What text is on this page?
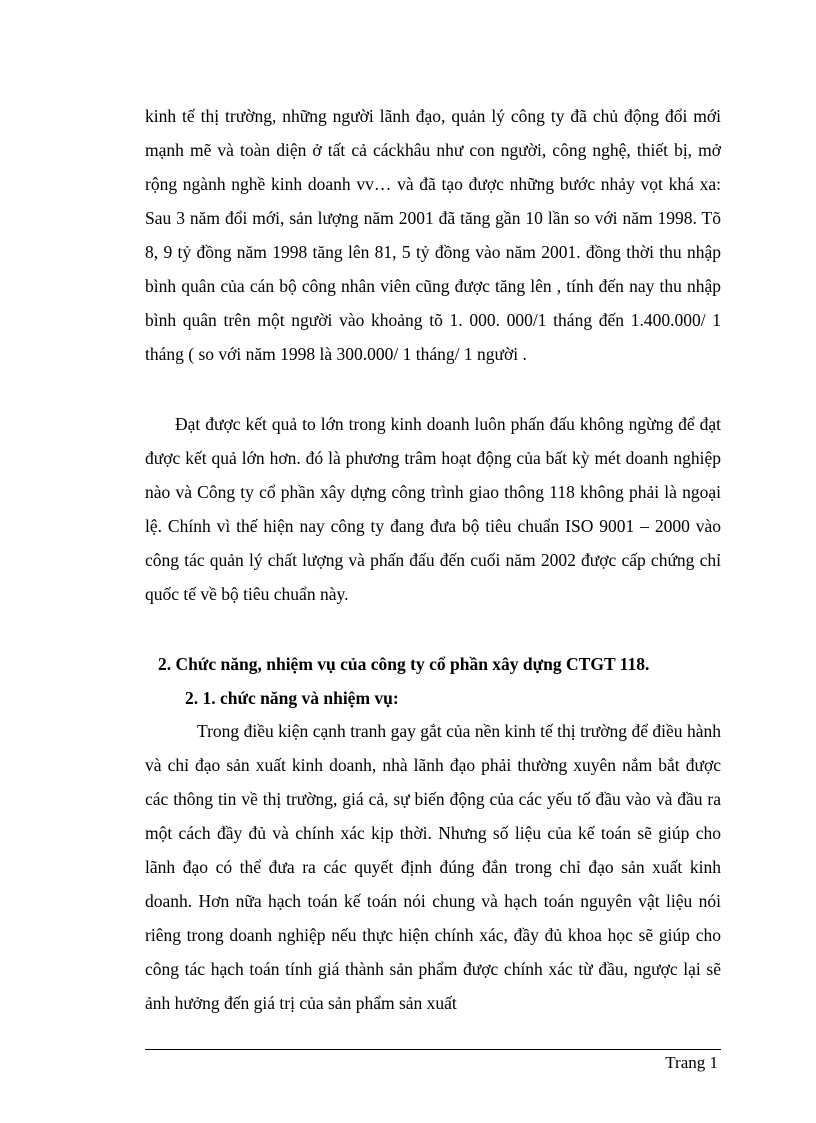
kinh tế thị trường, những người lãnh đạo, quản lý công ty đã chủ động đổi mới mạnh mẽ và toàn diện ở tất cả cáckhâu như con người, công nghệ, thiết bị, mở rộng ngành nghề kinh doanh vv… và đã tạo được những bước nhảy vọt khá xa: Sau 3 năm đổi mới, sản lượng năm 2001 đã tăng gần 10 lần so với năm 1998. Tõ 8, 9 tỷ đồng năm 1998 tăng lên 81, 5 tỷ đồng vào năm 2001. đồng thời thu nhập bình quân của cán bộ công nhân viên cũng được tăng lên , tính đến nay thu nhập bình quân trên một người vào khoảng tõ 1. 000. 000/1 tháng đến 1.400.000/ 1 tháng ( so với năm 1998 là 300.000/ 1 tháng/ 1 người .

Đạt được kết quả to lớn trong kinh doanh luôn phấn đấu không ngừng để đạt được kết quả lớn hơn. đó là phương trâm hoạt động của bất kỳ mét doanh nghiệp nào và Công ty cổ phần xây dựng công trình giao thông 118 không phải là ngoại lệ. Chính vì thế hiện nay công ty đang đưa bộ tiêu chuẩn ISO 9001 – 2000 vào công tác quản lý chất lượng và phấn đấu đến cuối năm 2002 được cấp chứng chỉ quốc tế về bộ tiêu chuẩn này.

2. Chức năng, nhiệm vụ của công ty cổ phần xây dựng CTGT 118.
2. 1. chức năng và nhiệm vụ:

Trong điều kiện cạnh tranh gay gắt của nền kinh tế thị trường để điều hành và chỉ đạo sản xuất kinh doanh, nhà lãnh đạo phải thường xuyên nắm bắt được các thông tin về thị trường, giá cả, sự biến động của các yếu tố đầu vào và đầu ra một cách đầy đủ và chính xác kịp thời. Nhưng số liệu của kế toán sẽ giúp cho lãnh đạo có thể đưa ra các quyết định đúng đắn trong chỉ đạo sản xuất kinh doanh. Hơn nữa hạch toán kế toán nói chung và hạch toán nguyên vật liệu nói riêng trong doanh nghiệp nếu thực hiện chính xác, đầy đủ khoa học sẽ giúp cho công tác hạch toán tính giá thành sản phẩm được chính xác từ đầu, ngược lại sẽ ảnh hưởng đến giá trị của sản phẩm sản xuất

Trang 1
